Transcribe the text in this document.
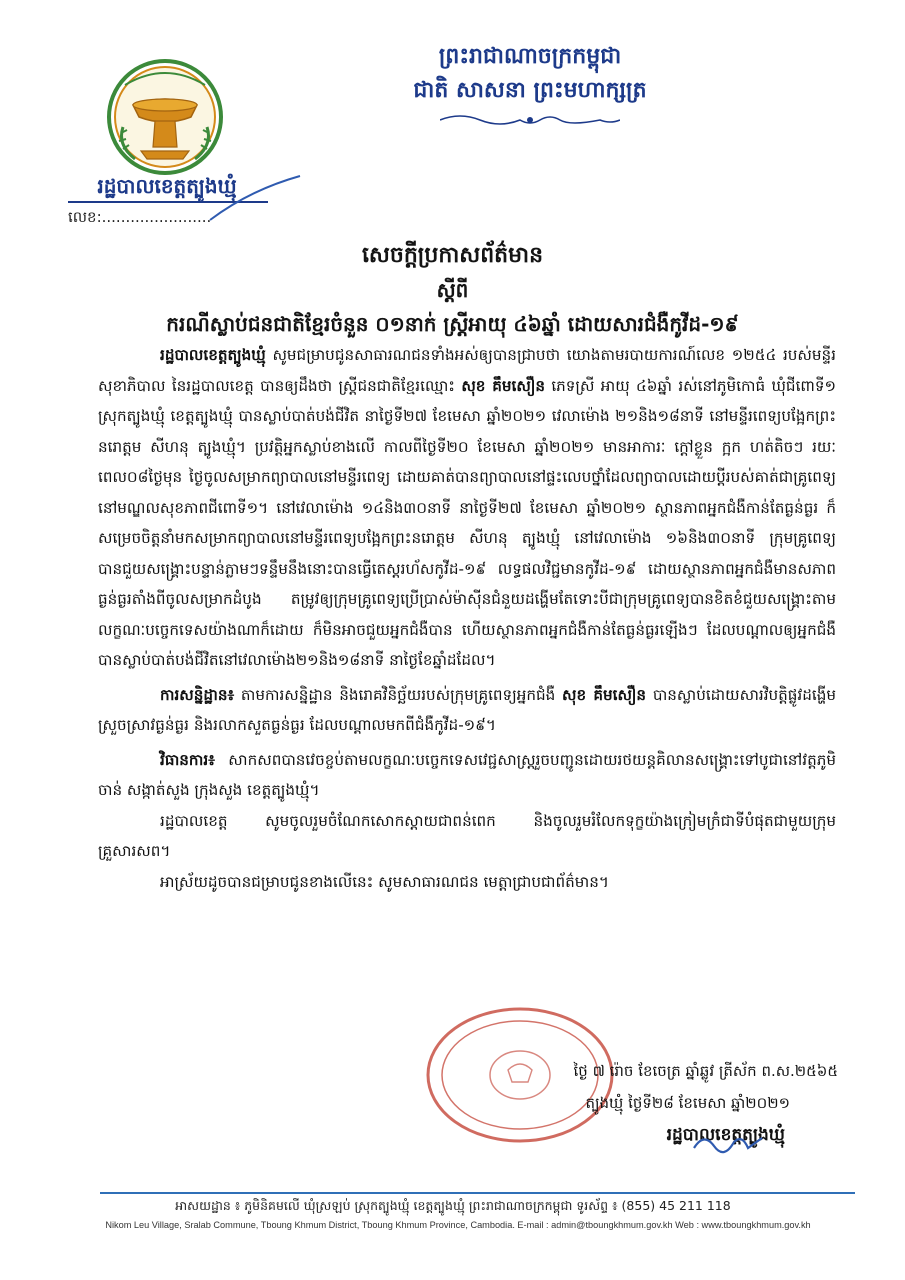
ព្រះរាជាណាចក្រកម្ពុជា
ជាតិ សាសនា ព្រះមហាក្សត្រ
រដ្ឋបាលខេត្តត្បូងឃ្មុំ
លេខ:.......................
សេចក្តីប្រកាសព័ត៌មាន
ស្តីពី
ករណីស្លាប់ជនជាតិខ្មែរចំនួន ០១នាក់ ស្ត្រីអាយុ ៤៦ឆ្នាំ ដោយសារជំងឺកូវីដ-១៩

រដ្ឋបាលខេត្តត្បូងឃ្មុំ សូមជម្រាបជូនសាធារណជនទាំងអស់ឲ្យបានជ្រាបថា យោងតាមរបាយការណ៍លេខ ១២៥៤ របស់មន្ទីរសុខាភិបាល នៃរដ្ឋបាលខេត្ត បានឲ្យដឹងថា ស្ត្រីជនជាតិខ្មែរឈ្មោះ សុខ គឹមសឿន ភេទស្រី អាយុ ៤៦ឆ្នាំ រស់នៅភូមិកោធំ ឃុំជីពោទី១ ស្រុកត្បូងឃ្មុំ ខេត្តត្បូងឃ្មុំ បានស្លាប់បាត់បង់ជីវិត នាថ្ងៃទី២៧ ខែមេសា ឆ្នាំ២០២១ វេលាម៉ោង ២១និង១៨នាទី នៅមន្ទីរពេទ្យបង្អែកព្រះនរោត្តម សីហនុ ត្បូងឃ្មុំ។ ប្រវត្តិអ្នកស្លាប់ខាងលើ កាលពីថ្ងៃទី២០ ខែមេសា ឆ្នាំ២០២១ មានអាការៈ ក្តៅខ្លួន ក្អក ហត់តិចៗ រយៈពេល០៨ថ្ងៃមុន ថ្ងៃចូលសម្រាកព្យាបាលនៅមន្ទីរពេទ្យ ដោយគាត់បានព្យាបាលនៅផ្ទះលេបថ្នាំដែលព្យាបាលដោយប្តីរបស់គាត់ជាគ្រូពេទ្យនៅមណ្ឌលសុខភាពជីពោទី១។ នៅវេលាម៉ោង ១៤និង៣០នាទី នាថ្ងៃទី២៧ ខែមេសា ឆ្នាំ២០២១ ស្ថានភាពអ្នកជំងឺកាន់តែធ្ងន់ធ្ងរ ក៏សម្រេចចិត្តនាំមកសម្រាកព្យាបាលនៅមន្ទីរពេទ្យបង្អែកព្រះនរោត្តម សីហនុ ត្បូងឃ្មុំ នៅវេលាម៉ោង ១៦និង៣០នាទី ក្រុមគ្រូពេទ្យបានជួយសង្គ្រោះបន្ទាន់ភ្លាមៗទន្ទឹមនឹងនោះបានធ្វើតេស្តរហ័សកូវីដ-១៩ លទ្ធផលវិជ្ជមានកូវីដ-១៩ ដោយស្ថានភាពអ្នកជំងឺមានសភាពធ្ងន់ធ្ងរតាំងពីចូលសម្រាកដំបូង តម្រូវឲ្យក្រុមគ្រូពេទ្យប្រើប្រាស់ម៉ាស៊ីនជំនួយដង្ហើមតែទោះបីជាក្រុមគ្រូពេទ្យបានខិតខំជួយសង្គ្រោះតាមលក្ខណៈបច្ចេកទេសយ៉ាងណាក៏ដោយ ក៏មិនអាចជួយអ្នកជំងឺបាន ហើយស្ថានភាពអ្នកជំងឺកាន់តែធ្ងន់ធ្ងរឡើងៗ ដែលបណ្តាលឲ្យអ្នកជំងឺបានស្លាប់បាត់បង់ជីវិតនៅវេលាម៉ោង២១និង១៨នាទី នាថ្ងៃខែឆ្នាំដដែល។

ការសន្និដ្ឋាន៖ តាមការសន្និដ្ឋាន និងរោគវិនិច្ឆ័យរបស់ក្រុមគ្រូពេទ្យអ្នកជំងឺ សុខ គឹមសឿន បានស្លាប់ដោយសារវិបត្តិផ្លូវដង្ហើមស្រួចស្រាវធ្ងន់ធ្ងរ និងរលាកសួតធ្ងន់ធ្ងរ ដែលបណ្តាលមកពីជំងឺកូវីដ-១៩។

វិធានការ៖ សាកសពបានវេចខ្ចប់តាមលក្ខណៈបច្ចេកទេសវេជ្ជសាស្ត្ររួចបញ្ជូនដោយរថយន្តគិលានសង្គ្រោះទៅបូជានៅវត្តភូមិចាន់ សង្កាត់សួង ក្រុងសួង ខេត្តត្បូងឃ្មុំ។

រដ្ឋបាលខេត្ត សូមចូលរួមចំណែកសោកស្តាយជាពន់ពេក និងចូលរួមរំលែកទុក្ខយ៉ាងក្រៀមក្រំជាទីបំផុតជាមួយក្រុមគ្រួសារសព។

អាស្រ័យដូចបានជម្រាបជូនខាងលើនេះ សូមសាធារណជន មេត្តាជ្រាបជាព័ត៌មាន។

ថ្ងៃ ៧ រ៉ោច ខែចេត្រ ឆ្នាំឆ្លូវ ត្រីស័ក ព.ស.២៥៦៥
ត្បូងឃ្មុំ ថ្ងៃទី២៨ ខែមេសា ឆ្នាំ២០២១
រដ្ឋបាលខេត្តត្បូងឃ្មុំ
អាសយដ្ឋាន ៖ ភូមិនិគមលើ ឃុំស្រឡប់ ស្រុកត្បូងឃ្មុំ ខេត្តត្បូងឃ្មុំ ព្រះរាជាណាចក្រកម្ពុជា ទូរស័ព្ទ ៖ (855) 45 211 118
Nikom Leu Village, Sralab Commune, Tboung Khmum District, Tboung Khmum Province, Cambodia. E-mail : admin@tboungkhmum.gov.kh Web : www.tboungkhmum.gov.kh
